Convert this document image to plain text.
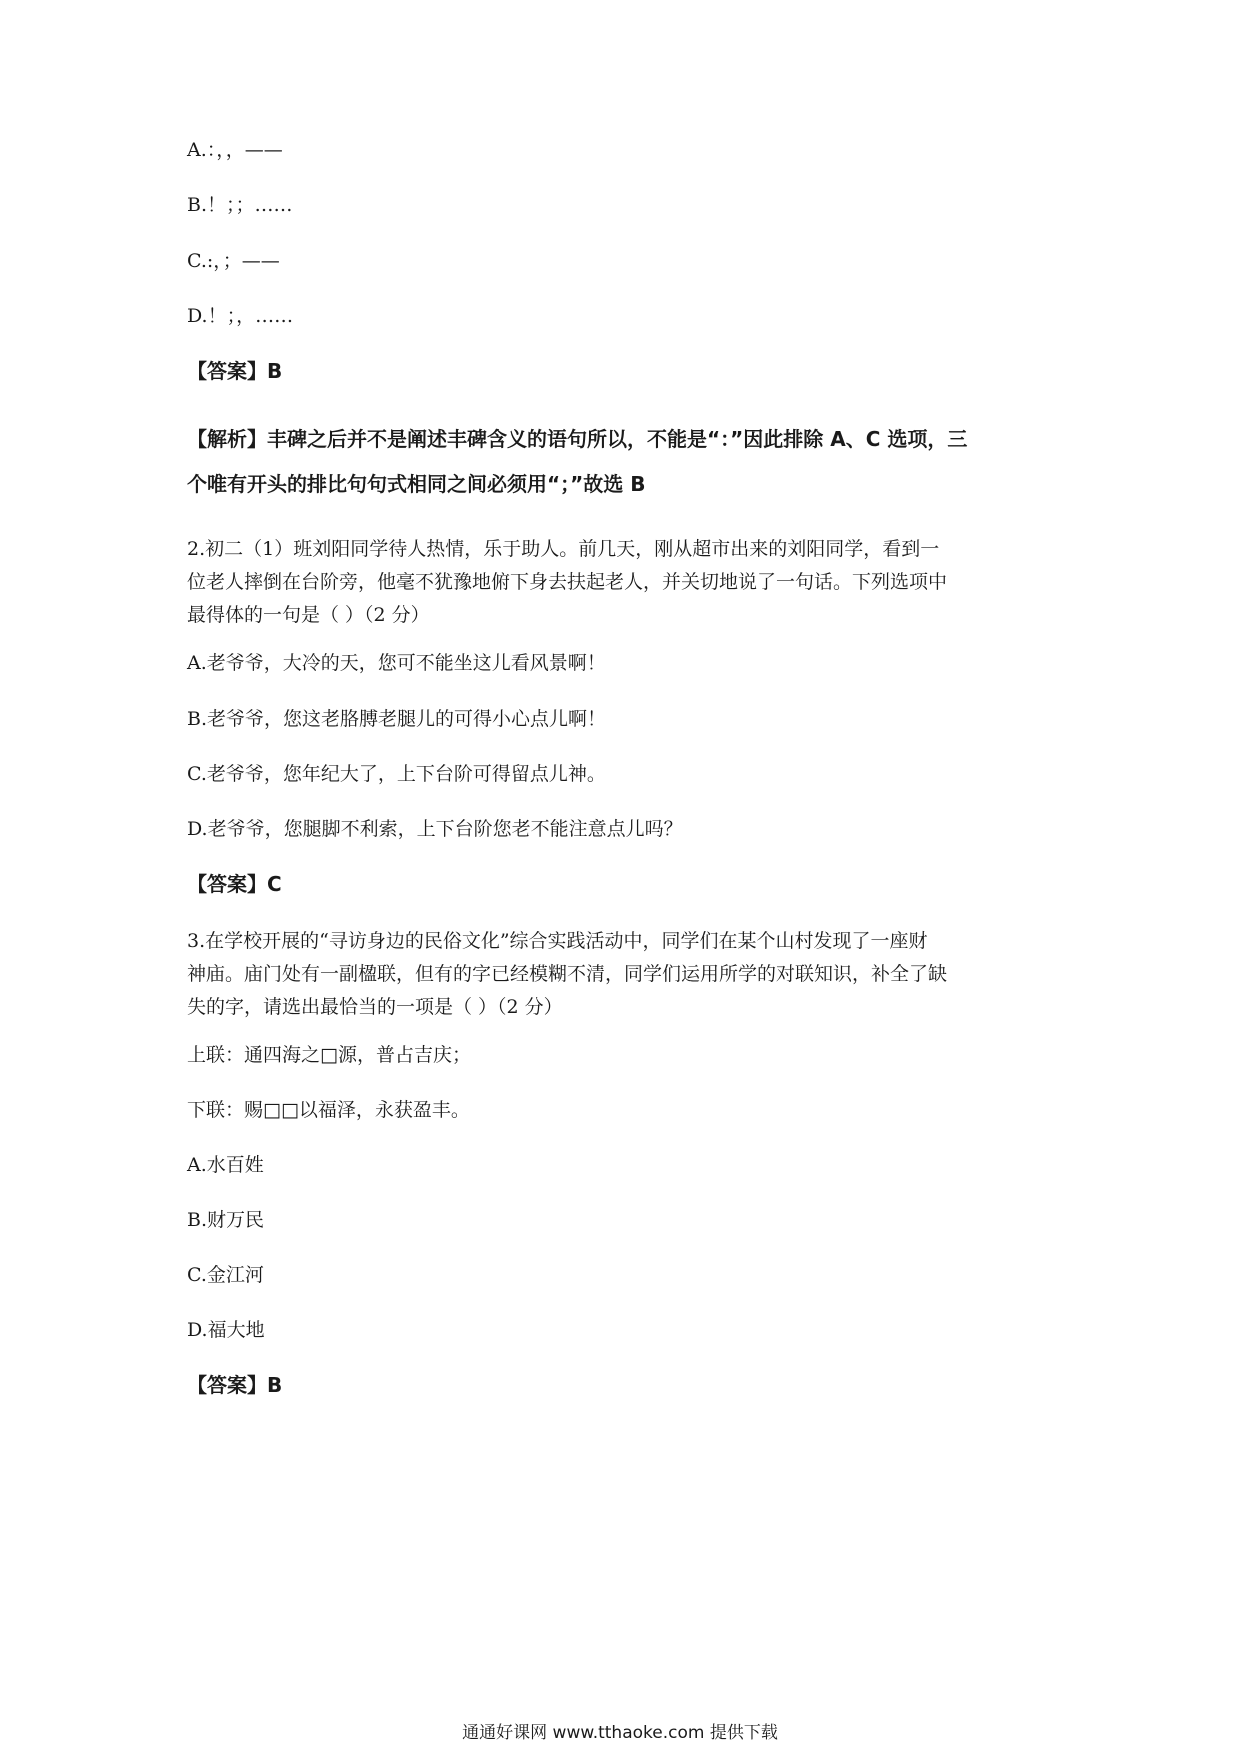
A.：，，——
B.！；；……
C.:，；——
D.！；，……
【答案】B
【解析】丰碑之后并不是阐述丰碑含义的语句所以，不能是“：”因此排除 A、C 选项，三
个唯有开头的排比句句式相同之间必须用“；”故选 B
2.初二（1）班刘阳同学待人热情，乐于助人。前几天，刚从超市出来的刘阳同学，看到一
位老人摔倒在台阶旁，他毫不犹豫地俯下身去扶起老人，并关切地说了一句话。下列选项中
最得体的一句是（ ）（2 分）
A.老爷爷，大冷的天，您可不能坐这儿看风景啊！
B.老爷爷，您这老胳膊老腿儿的可得小心点儿啊！
C.老爷爷，您年纪大了，上下台阶可得留点儿神。
D.老爷爷，您腿脚不利索，上下台阶您老不能注意点儿吗？
【答案】C
3.在学校开展的“寻访身边的民俗文化”综合实践活动中，同学们在某个山村发现了一座财
神庙。庙门处有一副楹联，但有的字已经模糊不清，同学们运用所学的对联知识，补全了缺
失的字，请选出最恰当的一项是（ ）（2 分）
上联：通四海之□源，普占吉庆；
下联：赐□□以福泽，永获盈丰。
A.水百姓
B.财万民
C.金江河
D.福大地
【答案】B
通通好课网 www.tthaoke.com 提供下载
